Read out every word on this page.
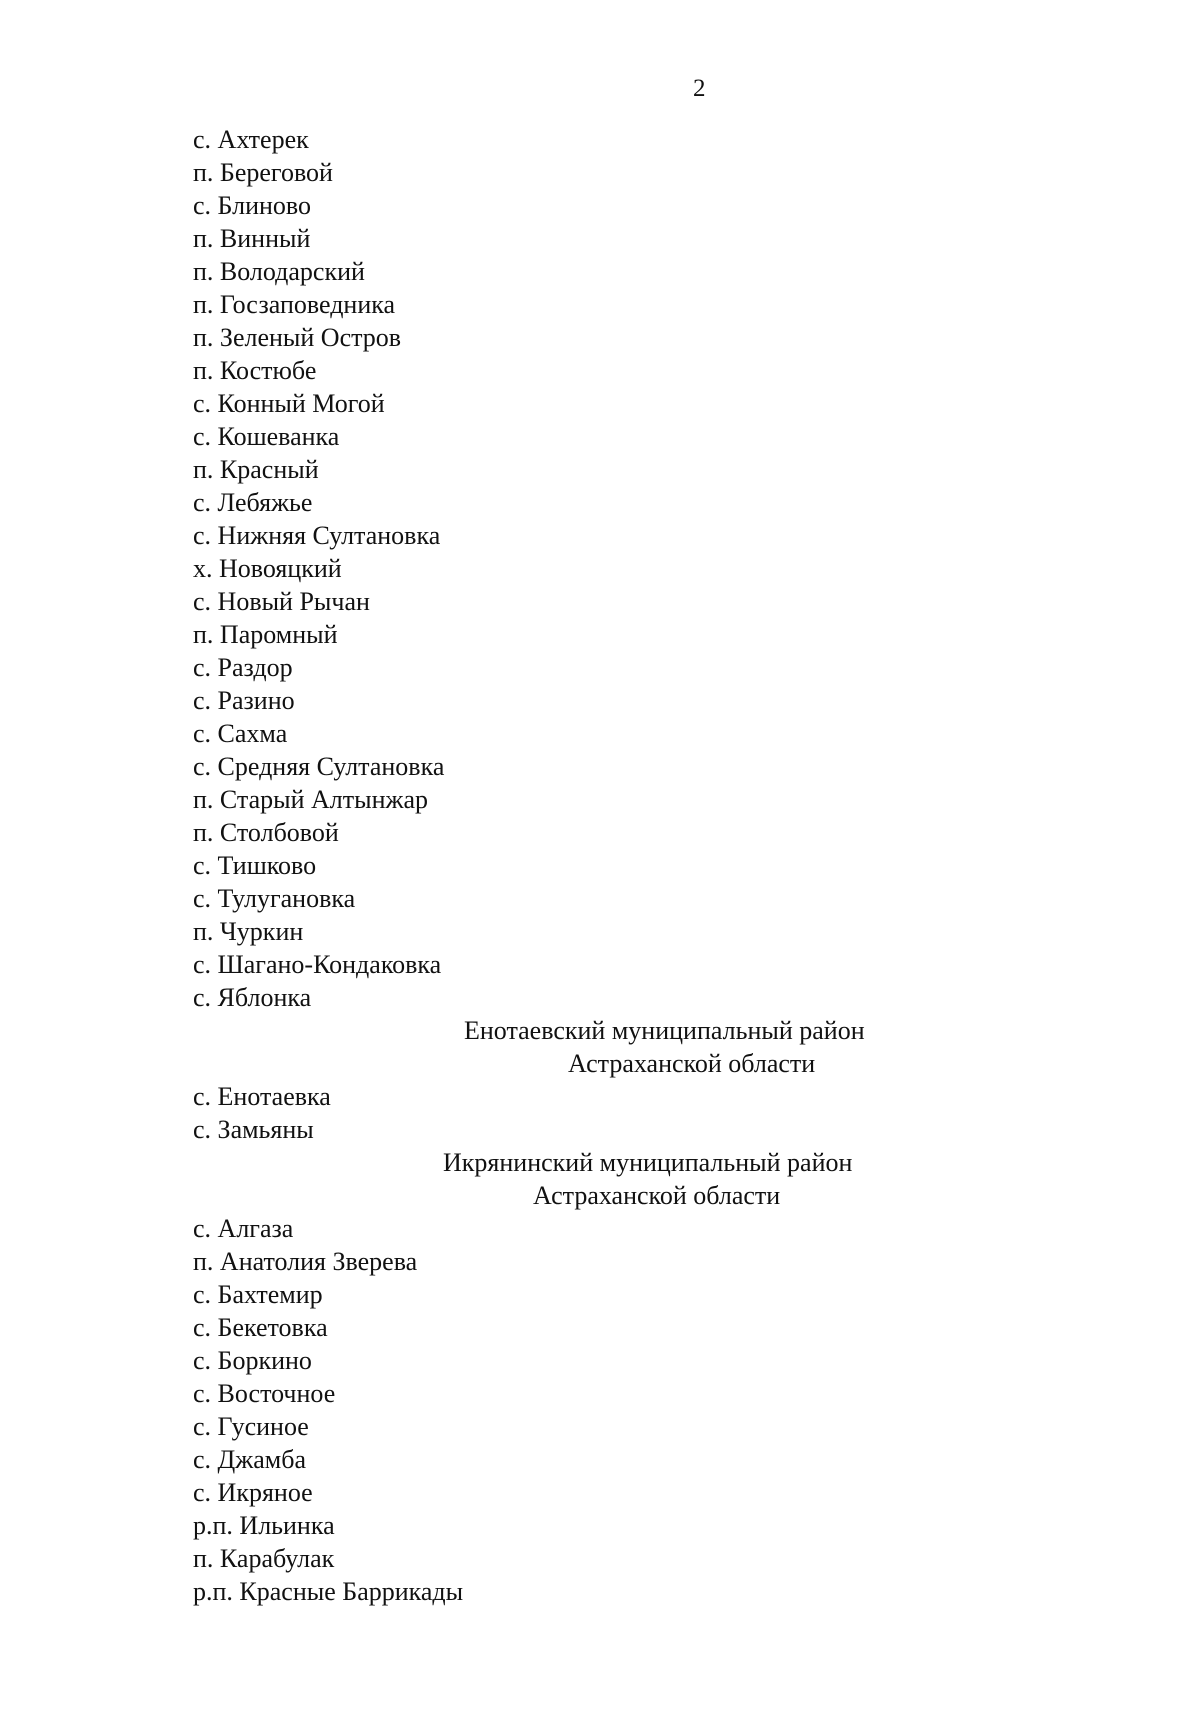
2
с. Ахтерек
п. Береговой
с. Блиново
п. Винный
п. Володарский
п. Госзаповедника
п. Зеленый Остров
п. Костюбе
с. Конный Могой
с. Кошеванка
п. Красный
с. Лебяжье
с. Нижняя Султановка
х. Новояцкий
с. Новый Рычан
п. Паромный
с. Раздор
с. Разино
с. Сахма
с. Средняя Султановка
п. Старый Алтынжар
п. Столбовой
с. Тишково
с. Тулугановка
п. Чуркин
с. Шагано-Кондаковка
с. Яблонка
Енотаевский муниципальный район
Астраханской области
с. Енотаевка
с. Замьяны
Икрянинский муниципальный район
Астраханской области
с. Алгаза
п. Анатолия Зверева
с. Бахтемир
с. Бекетовка
с. Боркино
с. Восточное
с. Гусиное
с. Джамба
с. Икряное
р.п. Ильинка
п. Карабулак
р.п. Красные Баррикады
